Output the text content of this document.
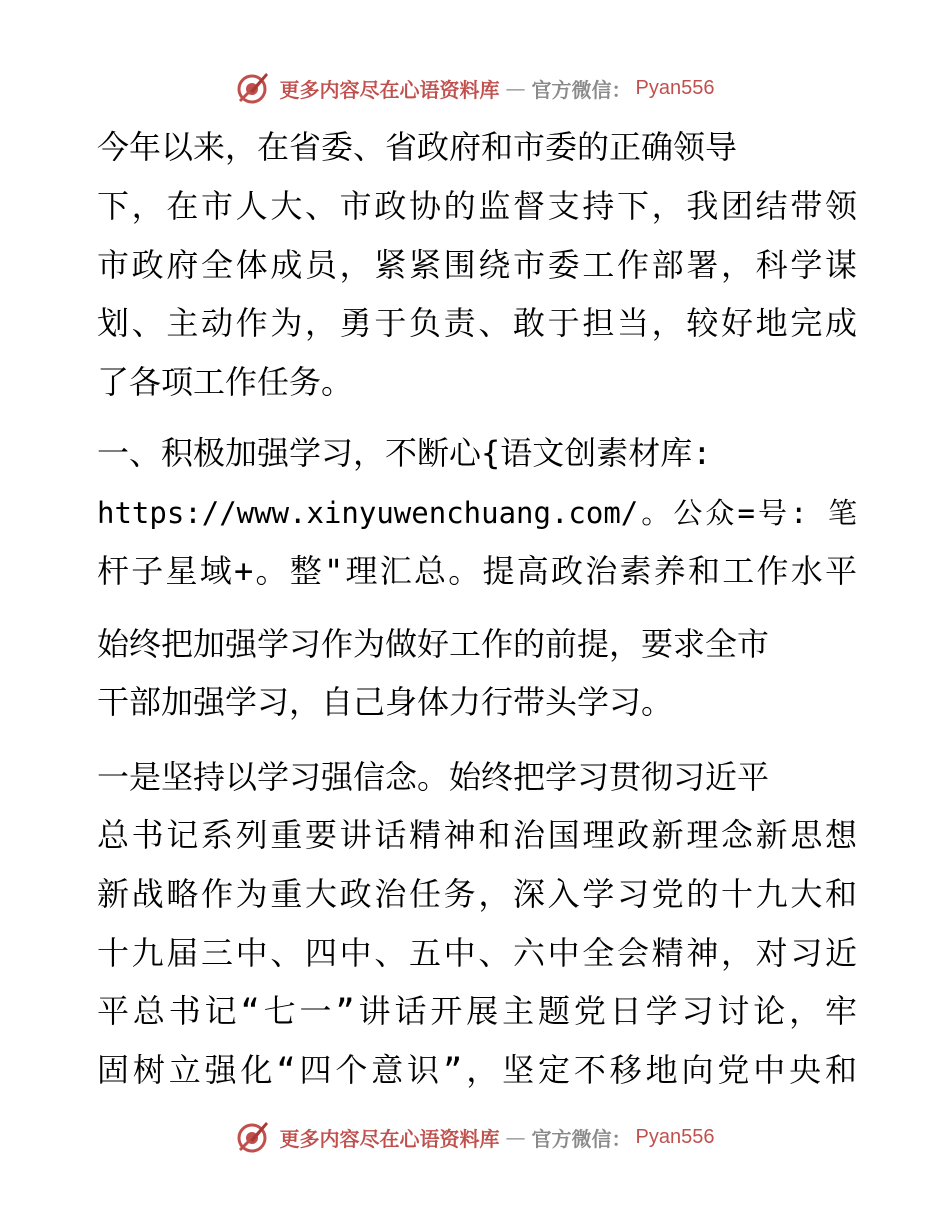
更多内容尽在心语资料库 — 官方微信： Pyan556
今年以来，在省委、省政府和市委的正确领导
下，在市人大、市政协的监督支持下，我团结带领
市政府全体成员，紧紧围绕市委工作部署，科学谋
划、主动作为，勇于负责、敢于担当，较好地完成
了各项工作任务。
一、积极加强学习，不断心{语文创素材库:
https://www.xinyuwenchuang.com/。公众=号: 笔
杆子星域+。整"理汇总。提高政治素养和工作水平
始终把加强学习作为做好工作的前提，要求全市
干部加强学习，自己身体力行带头学习。
一是坚持以学习强信念。始终把学习贯彻习近平
总书记系列重要讲话精神和治国理政新理念新思想
新战略作为重大政治任务，深入学习党的十九大和
十九届三中、四中、五中、六中全会精神，对习近
平总书记“七一”讲话开展主题党日学习讨论，牢
固树立强化“四个意识”，坚定不移地向党中央和
更多内容尽在心语资料库 — 官方微信： Pyan556
